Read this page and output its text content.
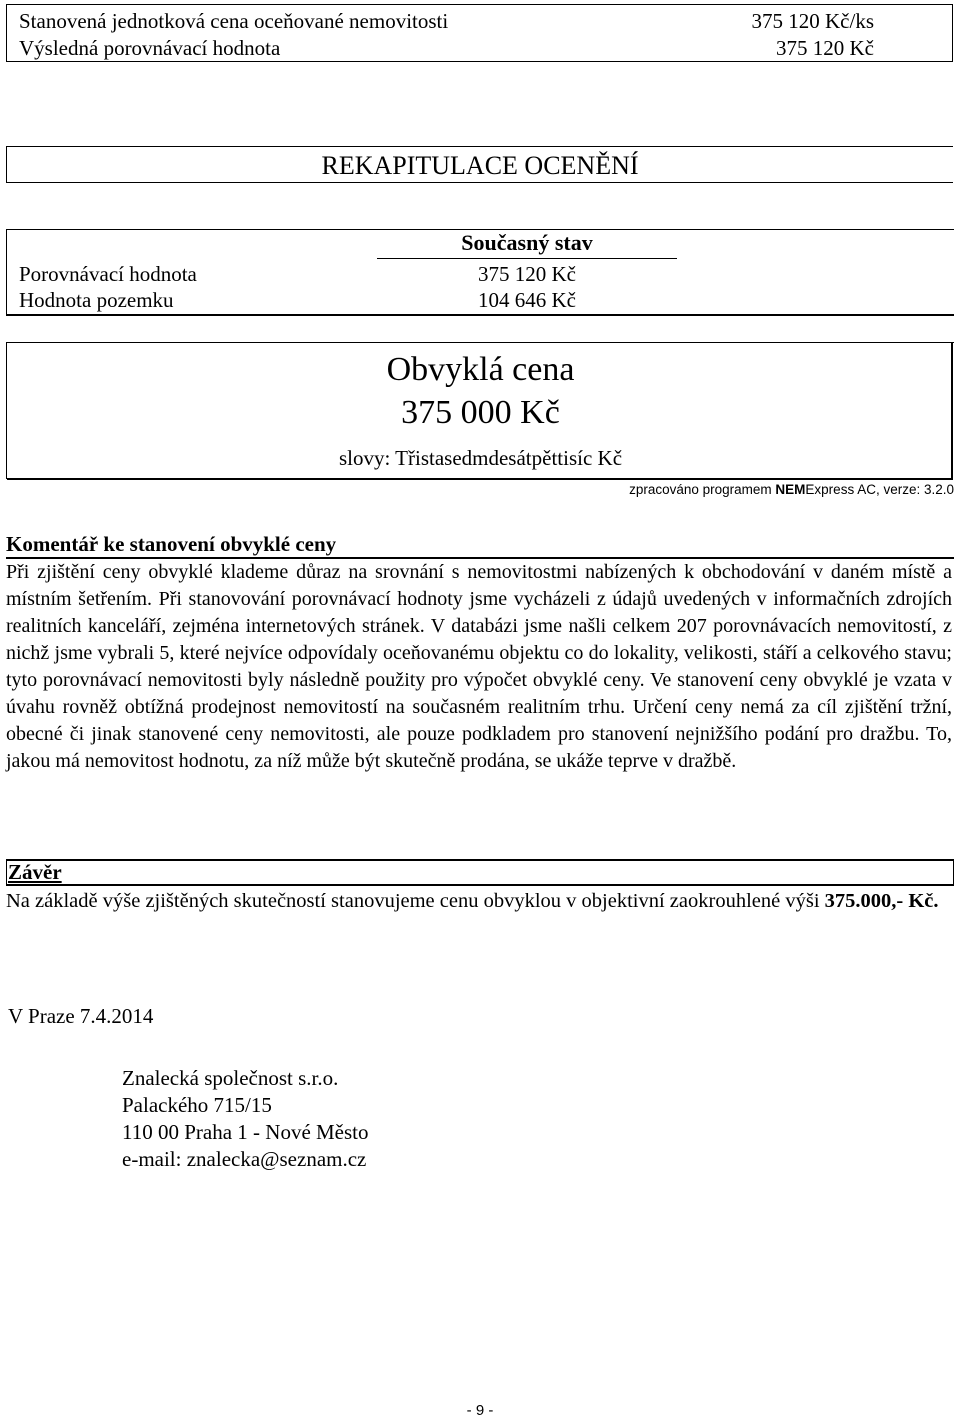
Stanovená jednotková cena oceňované nemovitosti	375 120 Kč/ks
Výsledná porovnávací hodnota	375 120 Kč
REKAPITULACE OCENĚNÍ
Současný stav
Porovnávací hodnota	375 120 Kč
Hodnota pozemku	104 646 Kč
Obvyklá cena
375 000 Kč
slovy: Třistasedmdesátpěttisíc Kč
zpracováno programem NEMExpress AC, verze: 3.2.0
Komentář ke stanovení obvyklé ceny
Při zjištění ceny obvyklé klademe důraz na srovnání s nemovitostmi nabízených k obchodování v daném místě a místním šetřením. Při stanovování porovnávací hodnoty jsme vycházeli z údajů uvedených v informačních zdrojích realitních kanceláří, zejména internetových stránek. V databázi jsme našli celkem 207 porovnávacích nemovitostí, z nichž jsme vybrali 5, které nejvíce odpovídaly oceňovanému objektu co do lokality, velikosti, stáří a celkového stavu; tyto porovnávací nemovitosti byly následně použity pro výpočet obvyklé ceny. Ve stanovení ceny obvyklé je vzata v úvahu rovněž obtížná prodejnost nemovitostí na současném realitním trhu. Určení ceny nemá za cíl zjištění tržní, obecné či jinak stanovené ceny nemovitosti, ale pouze podkladem pro stanovení nejnižšího podání pro dražbu. To, jakou má nemovitost hodnotu, za níž může být skutečně prodána, se ukáže teprve v dražbě.
Závěr
Na základě výše zjištěných skutečností stanovujeme cenu obvyklou v objektivní zaokrouhlené výši 375.000,- Kč.
V Praze 7.4.2014
Znalecká společnost s.r.o.
Palackého 715/15
110 00 Praha 1 - Nové Město
e-mail: znalecka@seznam.cz
- 9 -
